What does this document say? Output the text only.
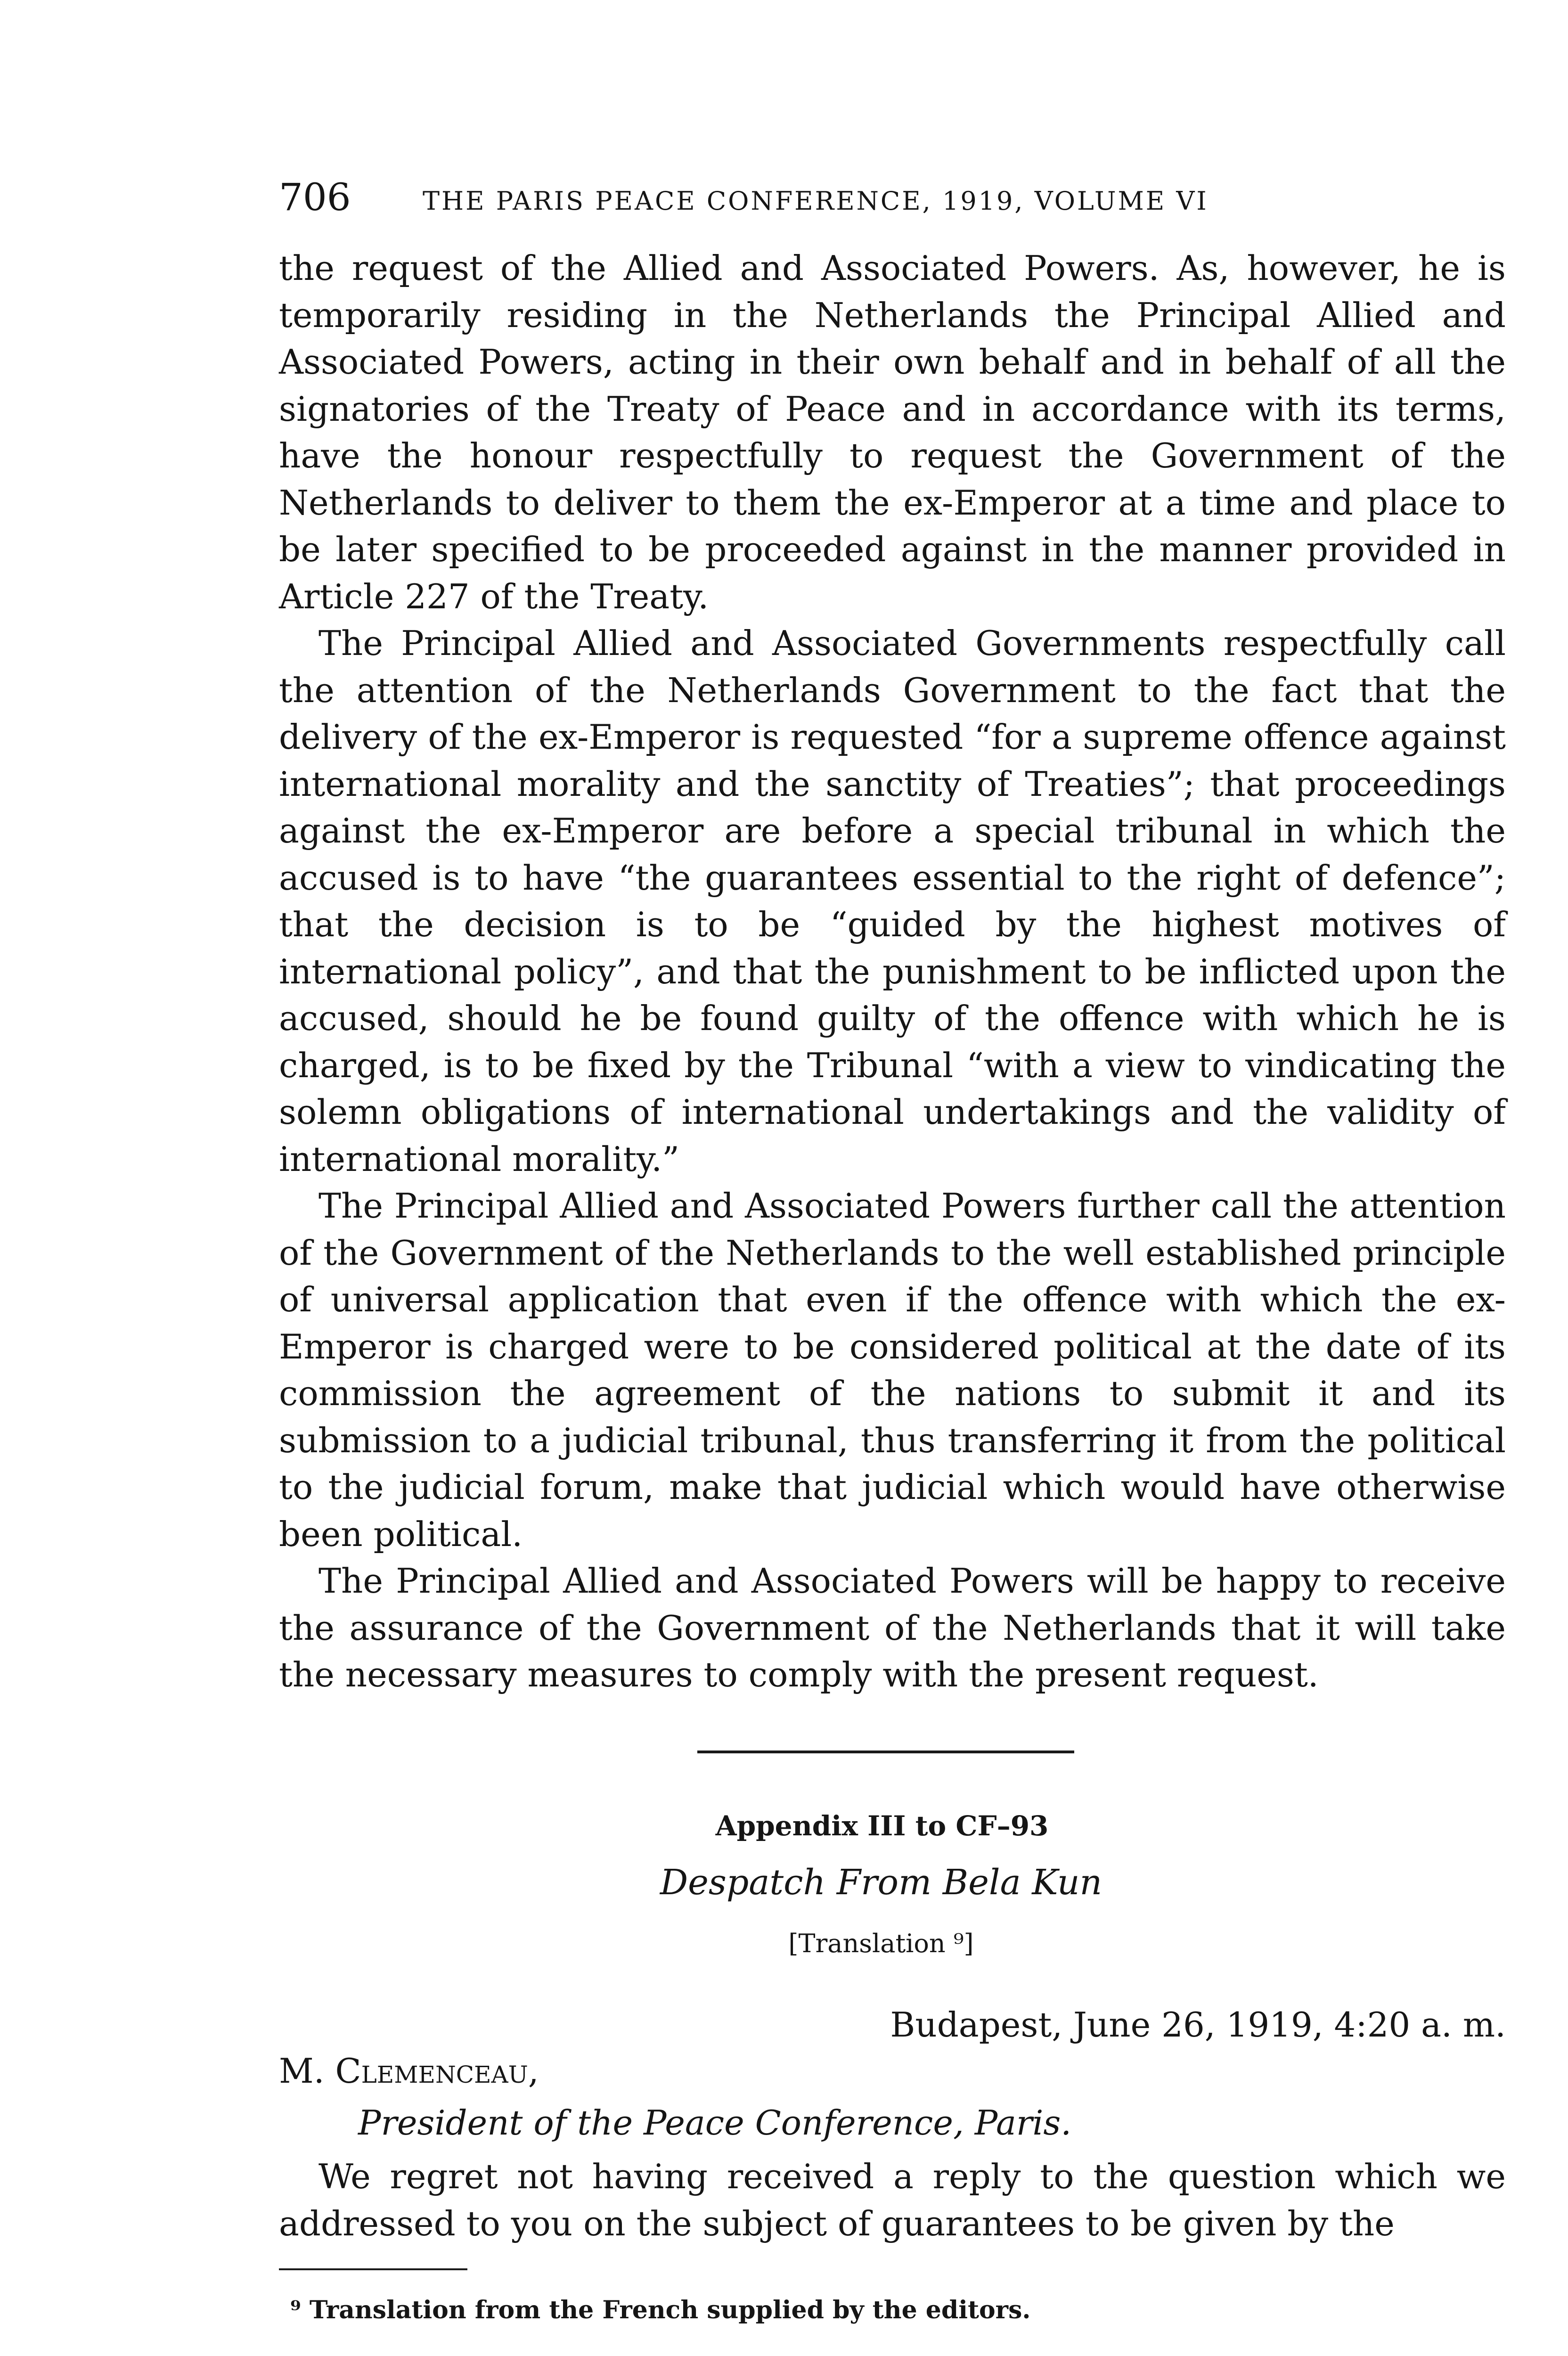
706	THE PARIS PEACE CONFERENCE, 1919, VOLUME VI

the request of the Allied and Associated Powers. As, however, he is temporarily residing in the Netherlands the Principal Allied and Associated Powers, acting in their own behalf and in behalf of all the signatories of the Treaty of Peace and in accordance with its terms, have the honour respectfully to request the Government of the Netherlands to deliver to them the ex-Emperor at a time and place to be later specified to be proceeded against in the manner provided in Article 227 of the Treaty.

The Principal Allied and Associated Governments respectfully call the attention of the Netherlands Government to the fact that the delivery of the ex-Emperor is requested “for a supreme offence against international morality and the sanctity of Treaties”; that proceedings against the ex-Emperor are before a special tribunal in which the accused is to have “the guarantees essential to the right of defence”; that the decision is to be “guided by the highest motives of international policy”, and that the punishment to be inflicted upon the accused, should he be found guilty of the offence with which he is charged, is to be fixed by the Tribunal “with a view to vindicating the solemn obligations of international undertakings and the validity of international morality.”

The Principal Allied and Associated Powers further call the attention of the Government of the Netherlands to the well established principle of universal application that even if the offence with which the ex-Emperor is charged were to be considered political at the date of its commission the agreement of the nations to submit it and its submission to a judicial tribunal, thus transferring it from the political to the judicial forum, make that judicial which would have otherwise been political.

The Principal Allied and Associated Powers will be happy to receive the assurance of the Government of the Netherlands that it will take the necessary measures to comply with the present request.

Appendix III to CF–93
Despatch From Bela Kun
[Translation ⁹]
Budapest, June 26, 1919, 4:20 a. m.
M. Clemenceau,
President of the Peace Conference, Paris.

We regret not having received a reply to the question which we addressed to you on the subject of guarantees to be given by the

⁹ Translation from the French supplied by the editors.
